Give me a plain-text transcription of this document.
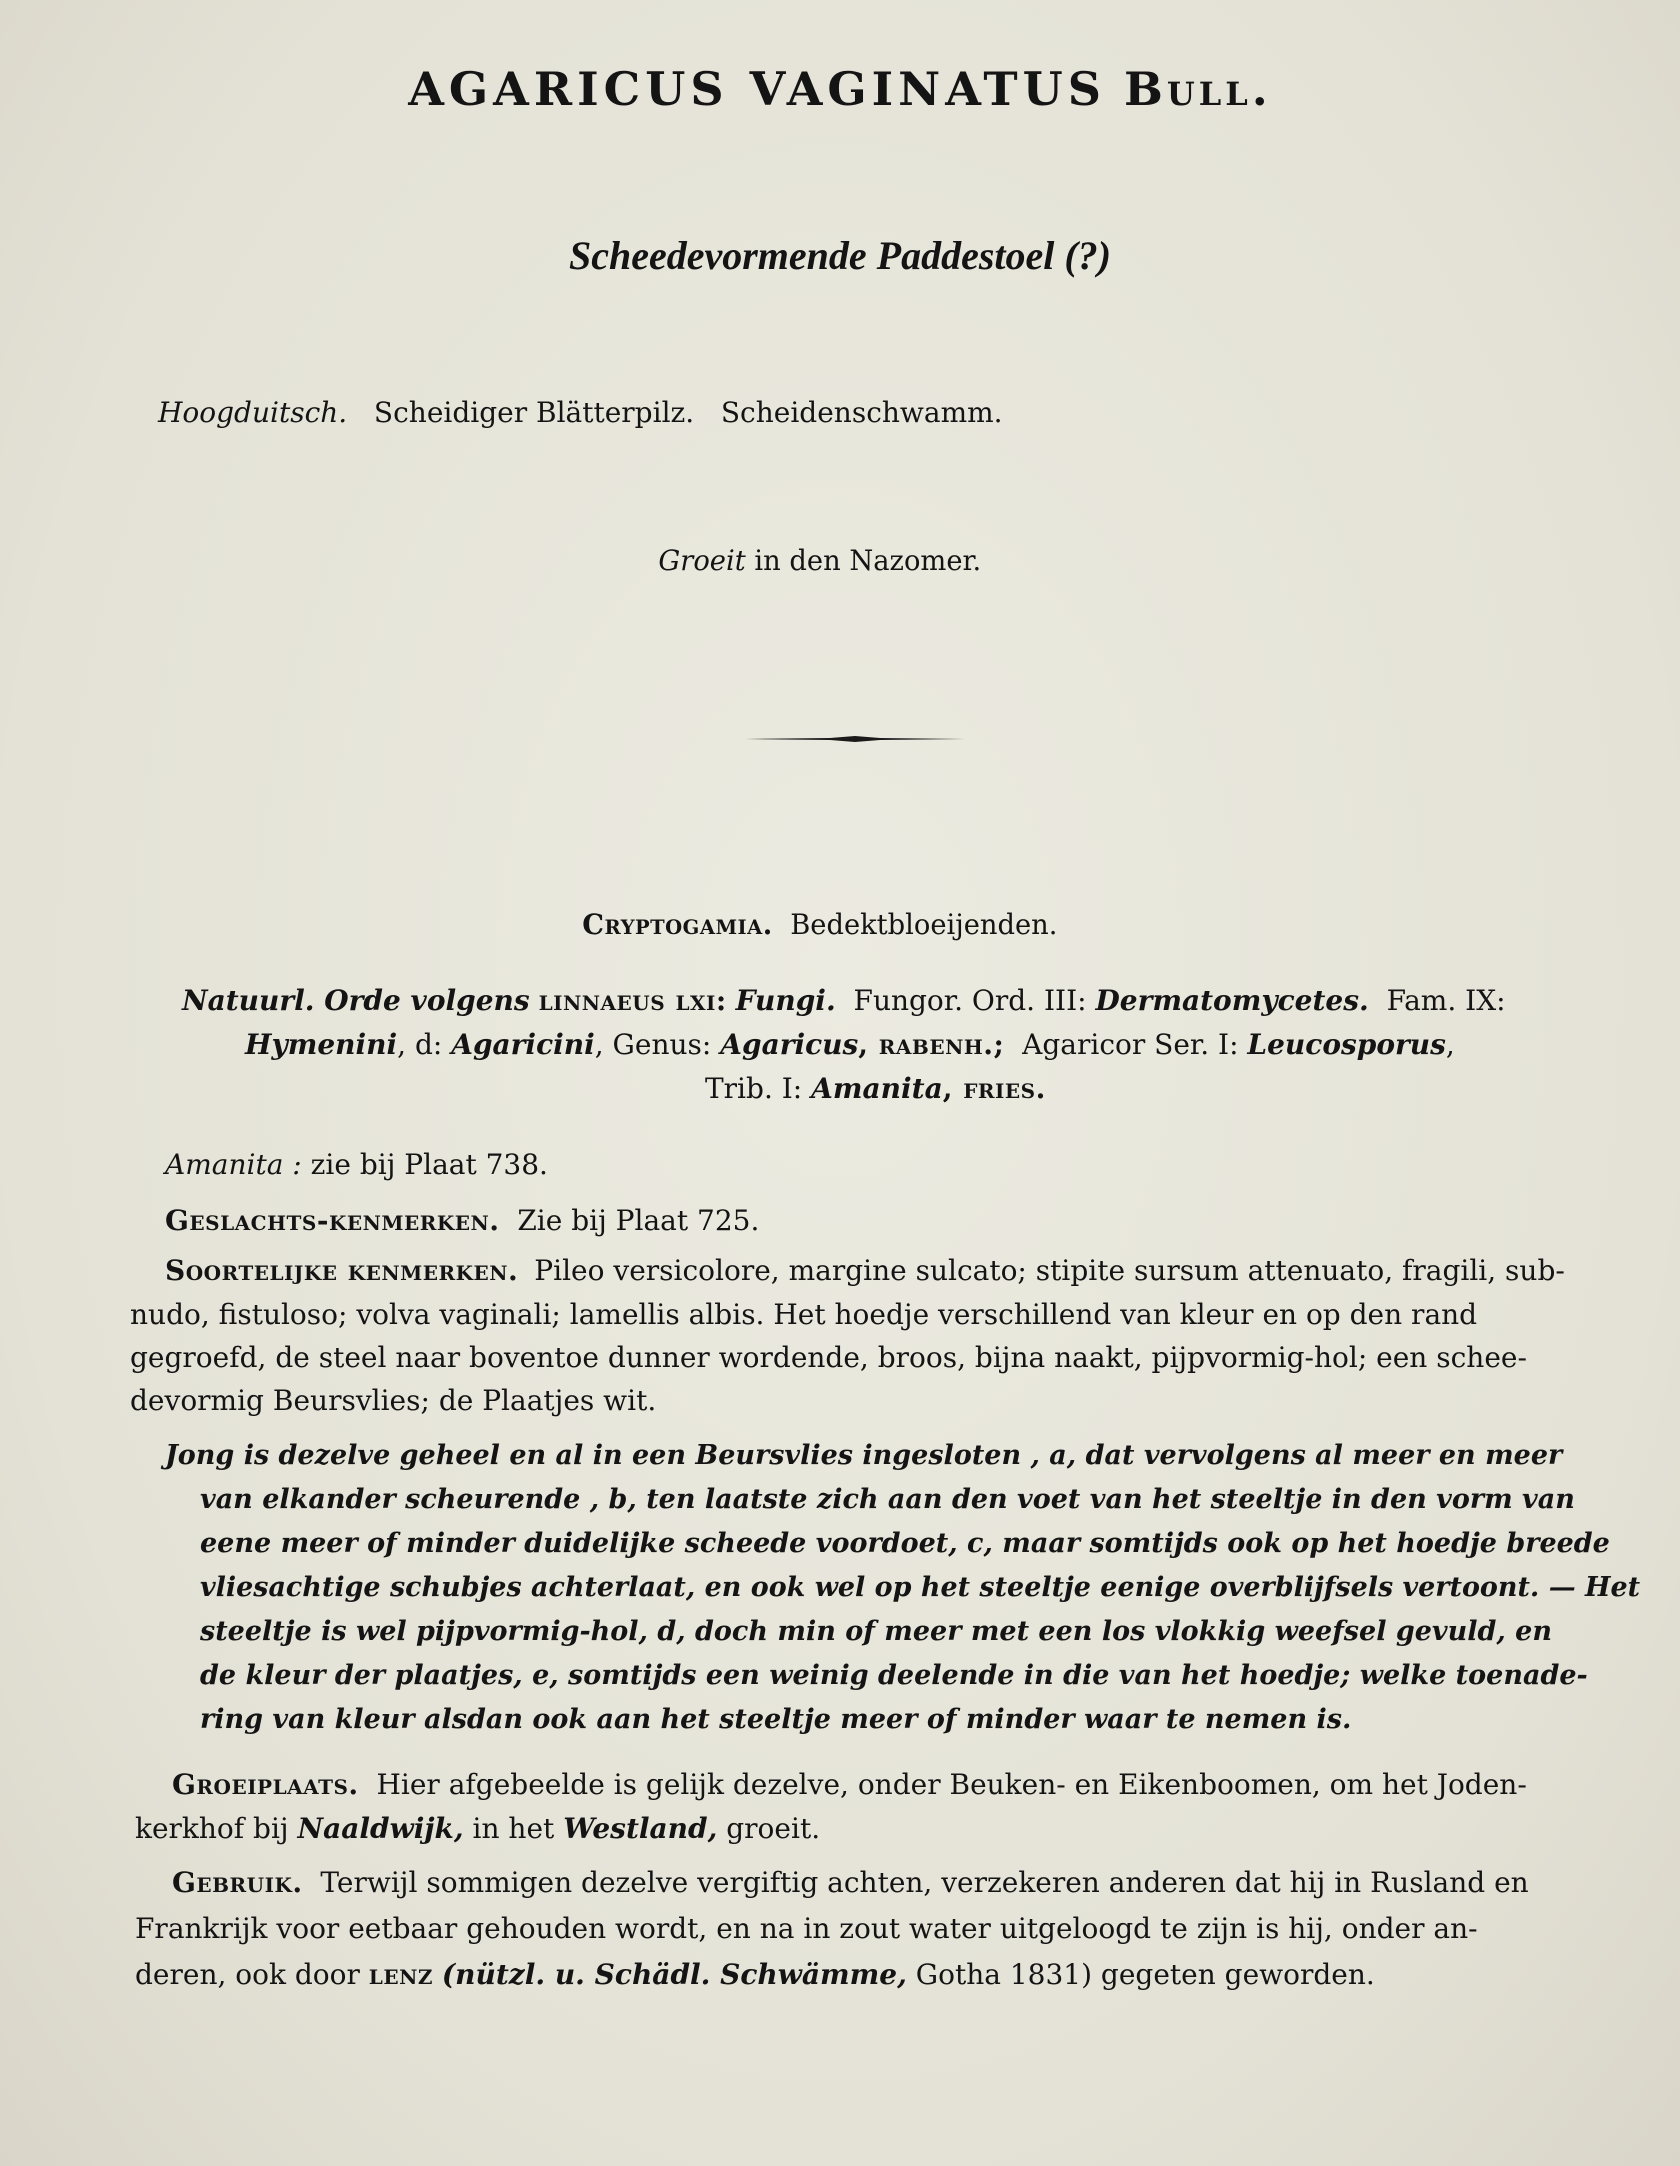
AGARICUS VAGINATUS Bull.
Scheedevormende Paddestoel (?)
Hoogduitsch. Scheidiger Blätterpilz. Scheidenschwamm.
Groeit in den Nazomer.
Cryptogamia. Bedektbloeijenden.
Natuurl. Orde volgens linnaeus lxi: Fungi. Fungor. Ord. III: Dermatomycetes. Fam. IX:
Hymenini, d: Agaricini, Genus: Agaricus, rabenh.; Agaricor Ser. I: Leucosporus,
Trib. I: Amanita, fries.
Amanita : zie bij Plaat 738.
Geslachts-kenmerken. Zie bij Plaat 725.
Soortelijke kenmerken. Pileo versicolore, margine sulcato; stipite sursum attenuato, fragili, sub-
nudo, fistuloso; volva vaginali; lamellis albis. Het hoedje verschillend van kleur en op den rand
gegroefd, de steel naar boventoe dunner wordende, broos, bijna naakt, pijpvormig-hol; een schee-
devormig Beursvlies; de Plaatjes wit.
Jong is dezelve geheel en al in een Beursvlies ingesloten , a, dat vervolgens al meer en meer
van elkander scheurende , b, ten laatste zich aan den voet van het steeltje in den vorm van
eene meer of minder duidelijke scheede voordoet, c, maar somtijds ook op het hoedje breede
vliesachtige schubjes achterlaat, en ook wel op het steeltje eenige overblijfsels vertoont. — Het
steeltje is wel pijpvormig-hol, d, doch min of meer met een los vlokkig weefsel gevuld, en
de kleur der plaatjes, e, somtijds een weinig deelende in die van het hoedje; welke toenade-
ring van kleur alsdan ook aan het steeltje meer of minder waar te nemen is.
Groeiplaats. Hier afgebeelde is gelijk dezelve, onder Beuken- en Eikenboomen, om het Joden-
kerkhof bij Naaldwijk, in het Westland, groeit.
Gebruik. Terwijl sommigen dezelve vergiftig achten, verzekeren anderen dat hij in Rusland en
Frankrijk voor eetbaar gehouden wordt, en na in zout water uitgeloogd te zijn is hij, onder an-
deren, ook door lenz (nützl. u. Schädl. Schwämme, Gotha 1831) gegeten geworden.
